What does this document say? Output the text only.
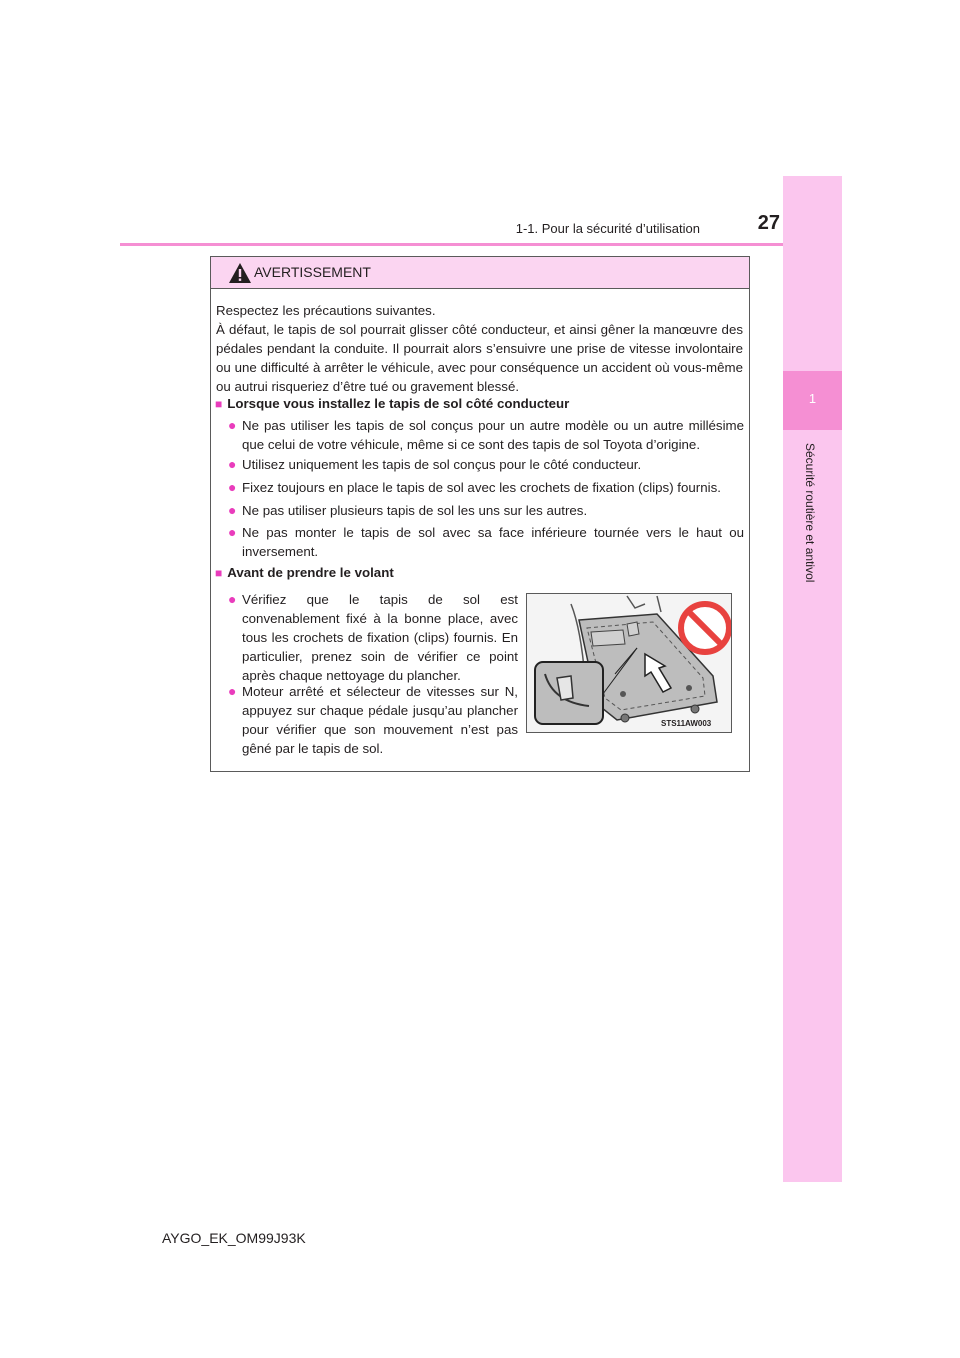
1-1. Pour la sécurité d’utilisation	27
1
Sécurité routière et antivol
AVERTISSEMENT
Respectez les précautions suivantes.
À défaut, le tapis de sol pourrait glisser côté conducteur, et ainsi gêner la manœuvre des pédales pendant la conduite. Il pourrait alors s’ensuivre une prise de vitesse involontaire ou une difficulté à arrêter le véhicule, avec pour conséquence un accident où vous-même ou autrui risqueriez d’être tué ou gravement blessé.
■ Lorsque vous installez le tapis de sol côté conducteur
● Ne pas utiliser les tapis de sol conçus pour un autre modèle ou un autre millésime que celui de votre véhicule, même si ce sont des tapis de sol Toyota d’origine.
● Utilisez uniquement les tapis de sol conçus pour le côté conducteur.
● Fixez toujours en place le tapis de sol avec les crochets de fixation (clips) fournis.
● Ne pas utiliser plusieurs tapis de sol les uns sur les autres.
● Ne pas monter le tapis de sol avec sa face inférieure tournée vers le haut ou inversement.
■ Avant de prendre le volant
● Vérifiez que le tapis de sol est convenablement fixé à la bonne place, avec tous les crochets de fixation (clips) fournis. En particulier, prenez soin de vérifier ce point après chaque nettoyage du plancher.
● Moteur arrêté et sélecteur de vitesses sur N, appuyez sur chaque pédale jusqu’au plancher pour vérifier que son mouvement n’est pas gêné par le tapis de sol.
STS11AW003
AYGO_EK_OM99J93K
